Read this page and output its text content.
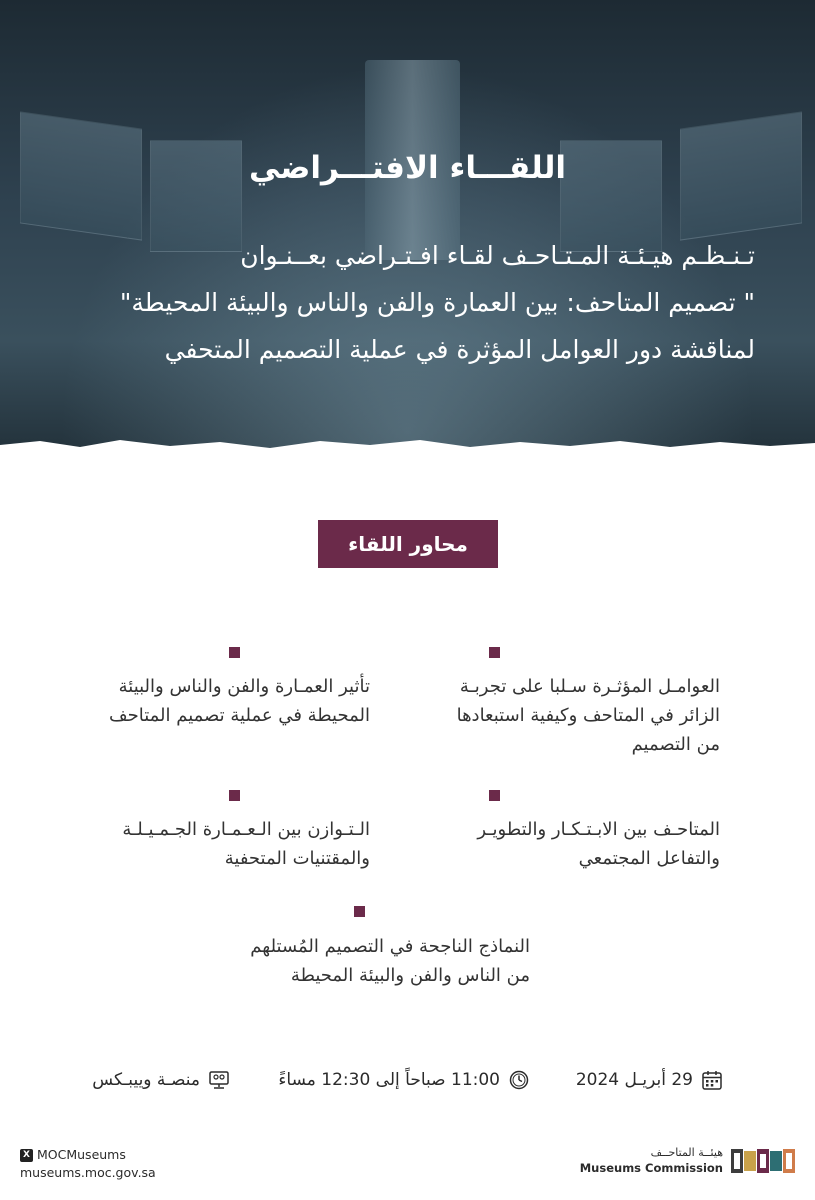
اللقـــاء الافتـــراضي
تـنـظـم هيـئـة المـتـاحـف لقـاء افـتـراضي بعــنـوان
" تصميم المتاحف: بين العمارة والفن والناس والبيئة المحيطة"
لمناقشة دور العوامل المؤثرة في عملية التصميم المتحفي
محاور اللقاء
العوامـل المؤثـرة سـلبا على تجربـة
الزائر في المتاحف وكيفية استبعادها
من التصميم
تأثير العمـارة والفن والناس والبيئة
المحيطة في عملية تصميم المتاحف
المتاحـف بين الابـتـكـار والتطويـر
والتفاعل المجتمعي
الـتـوازن بين الـعـمـارة الجـمـيـلـة
والمقتنيات المتحفية
النماذج الناجحة في التصميم المُستلهم
من الناس والفن والبيئة المحيطة
29 أبريـل 2024
11:00 صباحاً إلى 12:30 مساءً
منصـة وييبـكس
X MOCMuseums
museums.moc.gov.sa
هيئــة المتاحــف
Museums Commission
